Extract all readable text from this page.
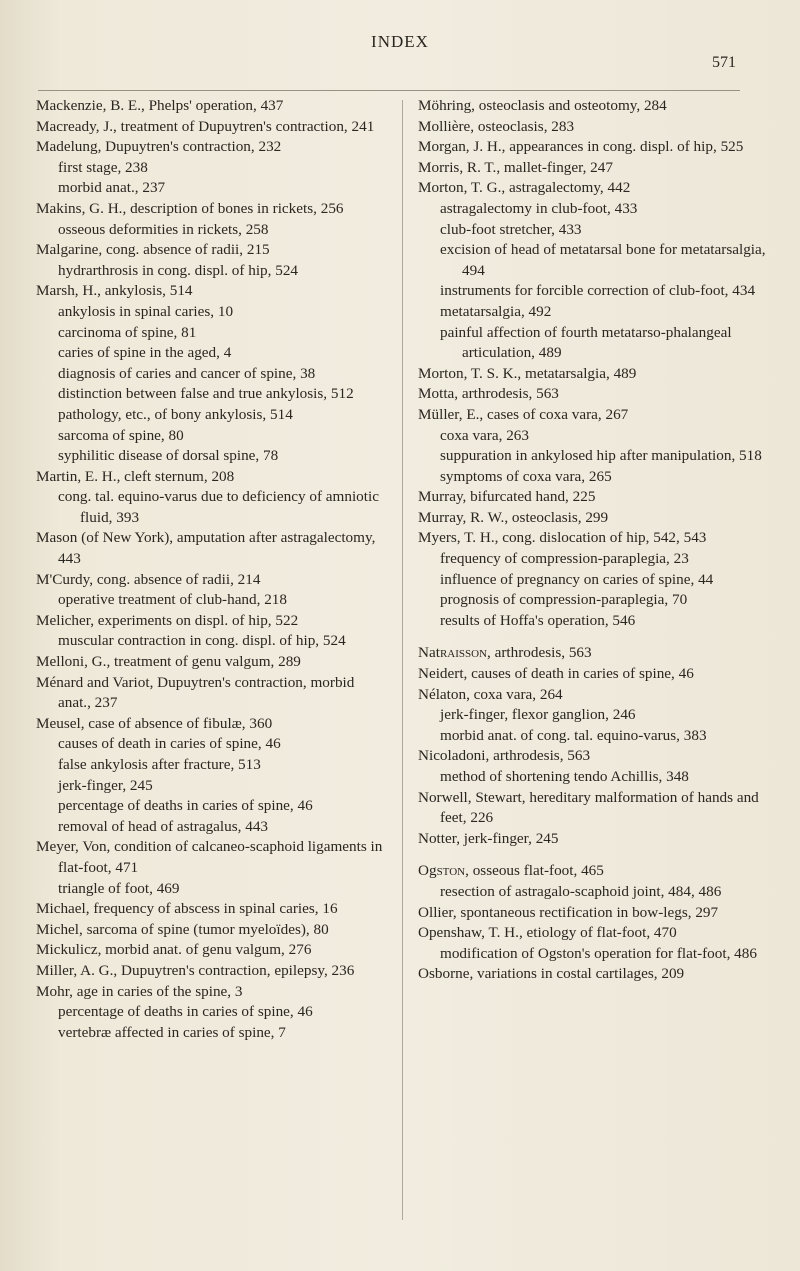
INDEX
571
Mackenzie, B. E., Phelps' operation, 437
Macready, J., treatment of Dupuytren's contraction, 241
Madelung, Dupuytren's contraction, 232
first stage, 238
morbid anat., 237
Makins, G. H., description of bones in rickets, 256
osseous deformities in rickets, 258
Malgarine, cong. absence of radii, 215
hydrarthrosis in cong. displ. of hip, 524
Marsh, H., ankylosis, 514
ankylosis in spinal caries, 10
carcinoma of spine, 81
caries of spine in the aged, 4
diagnosis of caries and cancer of spine, 38
distinction between false and true ankylosis, 512
pathology, etc., of bony ankylosis, 514
sarcoma of spine, 80
syphilitic disease of dorsal spine, 78
Martin, E. H., cleft sternum, 208
cong. tal. equino-varus due to deficiency of amniotic fluid, 393
Mason (of New York), amputation after astragalectomy, 443
M'Curdy, cong. absence of radii, 214
operative treatment of club-hand, 218
Melicher, experiments on displ. of hip, 522
muscular contraction in cong. displ. of hip, 524
Melloni, G., treatment of genu valgum, 289
Ménard and Variot, Dupuytren's contraction, morbid anat., 237
Meusel, case of absence of fibulæ, 360
causes of death in caries of spine, 46
false ankylosis after fracture, 513
jerk-finger, 245
percentage of deaths in caries of spine, 46
removal of head of astragalus, 443
Meyer, Von, condition of calcaneo-scaphoid ligaments in flat-foot, 471
triangle of foot, 469
Michael, frequency of abscess in spinal caries, 16
Michel, sarcoma of spine (tumor myeloïdes), 80
Mickulicz, morbid anat. of genu valgum, 276
Miller, A. G., Dupuytren's contraction, epilepsy, 236
Mohr, age in caries of the spine, 3
percentage of deaths in caries of spine, 46
vertebræ affected in caries of spine, 7
Möhring, osteoclasis and osteotomy, 284
Mollière, osteoclasis, 283
Morgan, J. H., appearances in cong. displ. of hip, 525
Morris, R. T., mallet-finger, 247
Morton, T. G., astragalectomy, 442
astragalectomy in club-foot, 433
club-foot stretcher, 433
excision of head of metatarsal bone for metatarsalgia, 494
instruments for forcible correction of club-foot, 434
metatarsalgia, 492
painful affection of fourth metatarso-phalangeal articulation, 489
Morton, T. S. K., metatarsalgia, 489
Motta, arthrodesis, 563
Müller, E., cases of coxa vara, 267
coxa vara, 263
suppuration in ankylosed hip after manipulation, 518
symptoms of coxa vara, 265
Murray, bifurcated hand, 225
Murray, R. W., osteoclasis, 299
Myers, T. H., cong. dislocation of hip, 542, 543
frequency of compression-paraplegia, 23
influence of pregnancy on caries of spine, 44
prognosis of compression-paraplegia, 70
results of Hoffa's operation, 546
Natraisson, arthrodesis, 563
Neidert, causes of death in caries of spine, 46
Nélaton, coxa vara, 264
jerk-finger, flexor ganglion, 246
morbid anat. of cong. tal. equino-varus, 383
Nicoladoni, arthrodesis, 563
method of shortening tendo Achillis, 348
Norwell, Stewart, hereditary malformation of hands and feet, 226
Notter, jerk-finger, 245
Ogston, osseous flat-foot, 465
resection of astragalo-scaphoid joint, 484, 486
Ollier, spontaneous rectification in bow-legs, 297
Openshaw, T. H., etiology of flat-foot, 470
modification of Ogston's operation for flat-foot, 486
Osborne, variations in costal cartilages, 209
